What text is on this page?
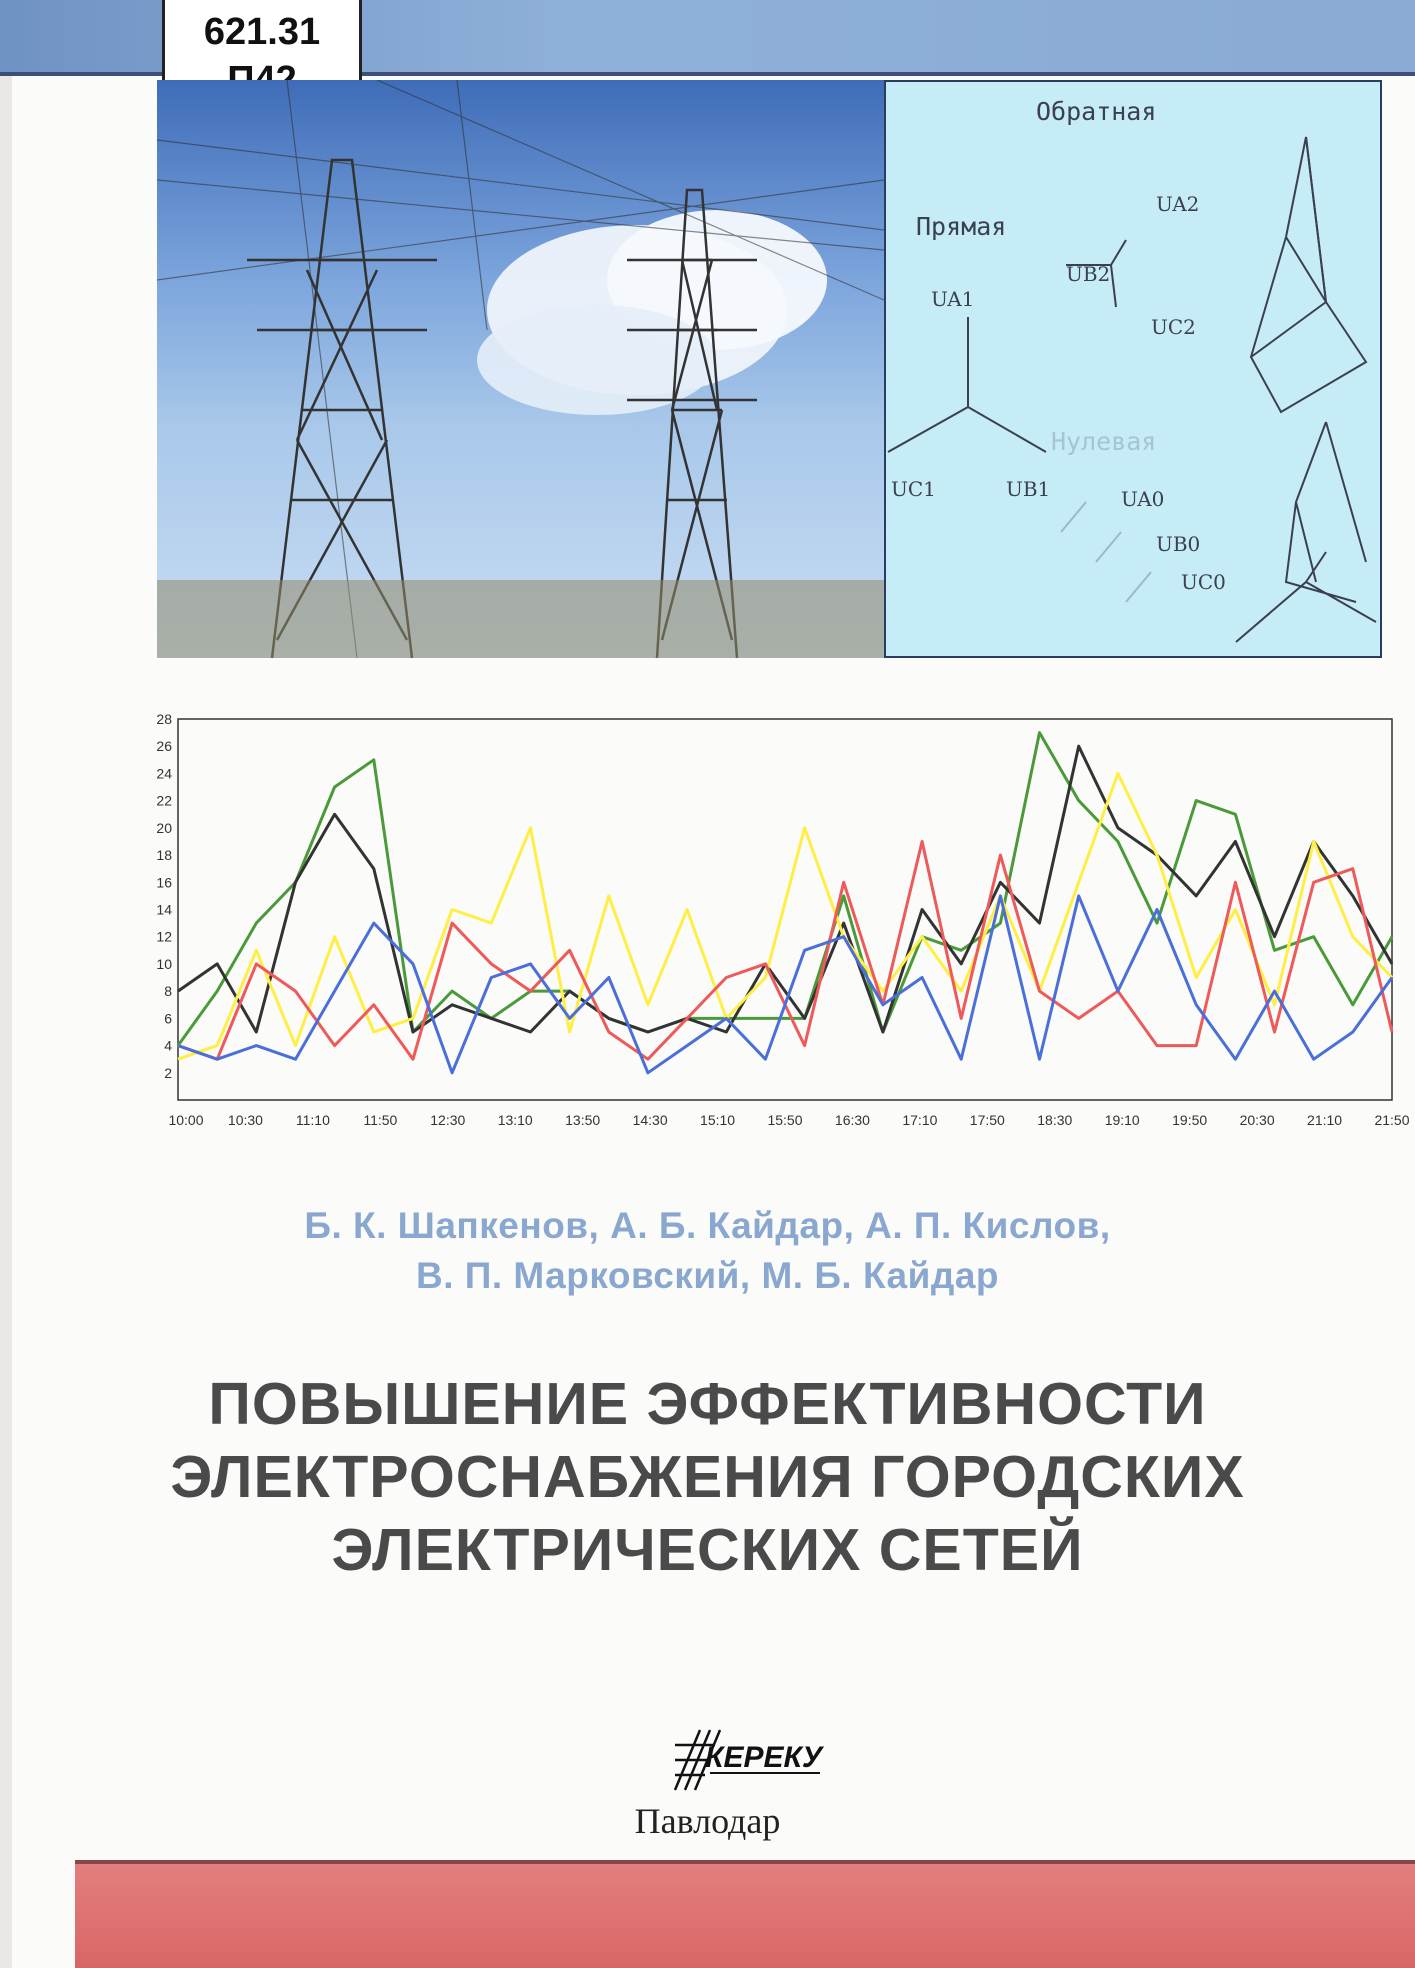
621.31
Прямая
Обратная
Нулевая
UA1
UC1	UB1
UA2
UB2
UC2
UA0
UB0
UC0
2
4
6
8
10
12
14
16
18
20
22
24
26
28
10:00 10:30 11:10 11:50 12:30 13:10 13:50 14:30 15:10 15:50 16:30 17:10 17:50 18:30 19:10 19:50 20:30 21:10 21:50
Б. К. Шапкенов, А. Б. Кайдар, А. П. Кислов,
В. П. Марковский, М. Б. Кайдар
ПОВЫШЕНИЕ ЭФФЕКТИВНОСТИ
ЭЛЕКТРОСНАБЖЕНИЯ ГОРОДСКИХ
ЭЛЕКТРИЧЕСКИХ СЕТЕЙ
КЕРЕКУ
Павлодар
